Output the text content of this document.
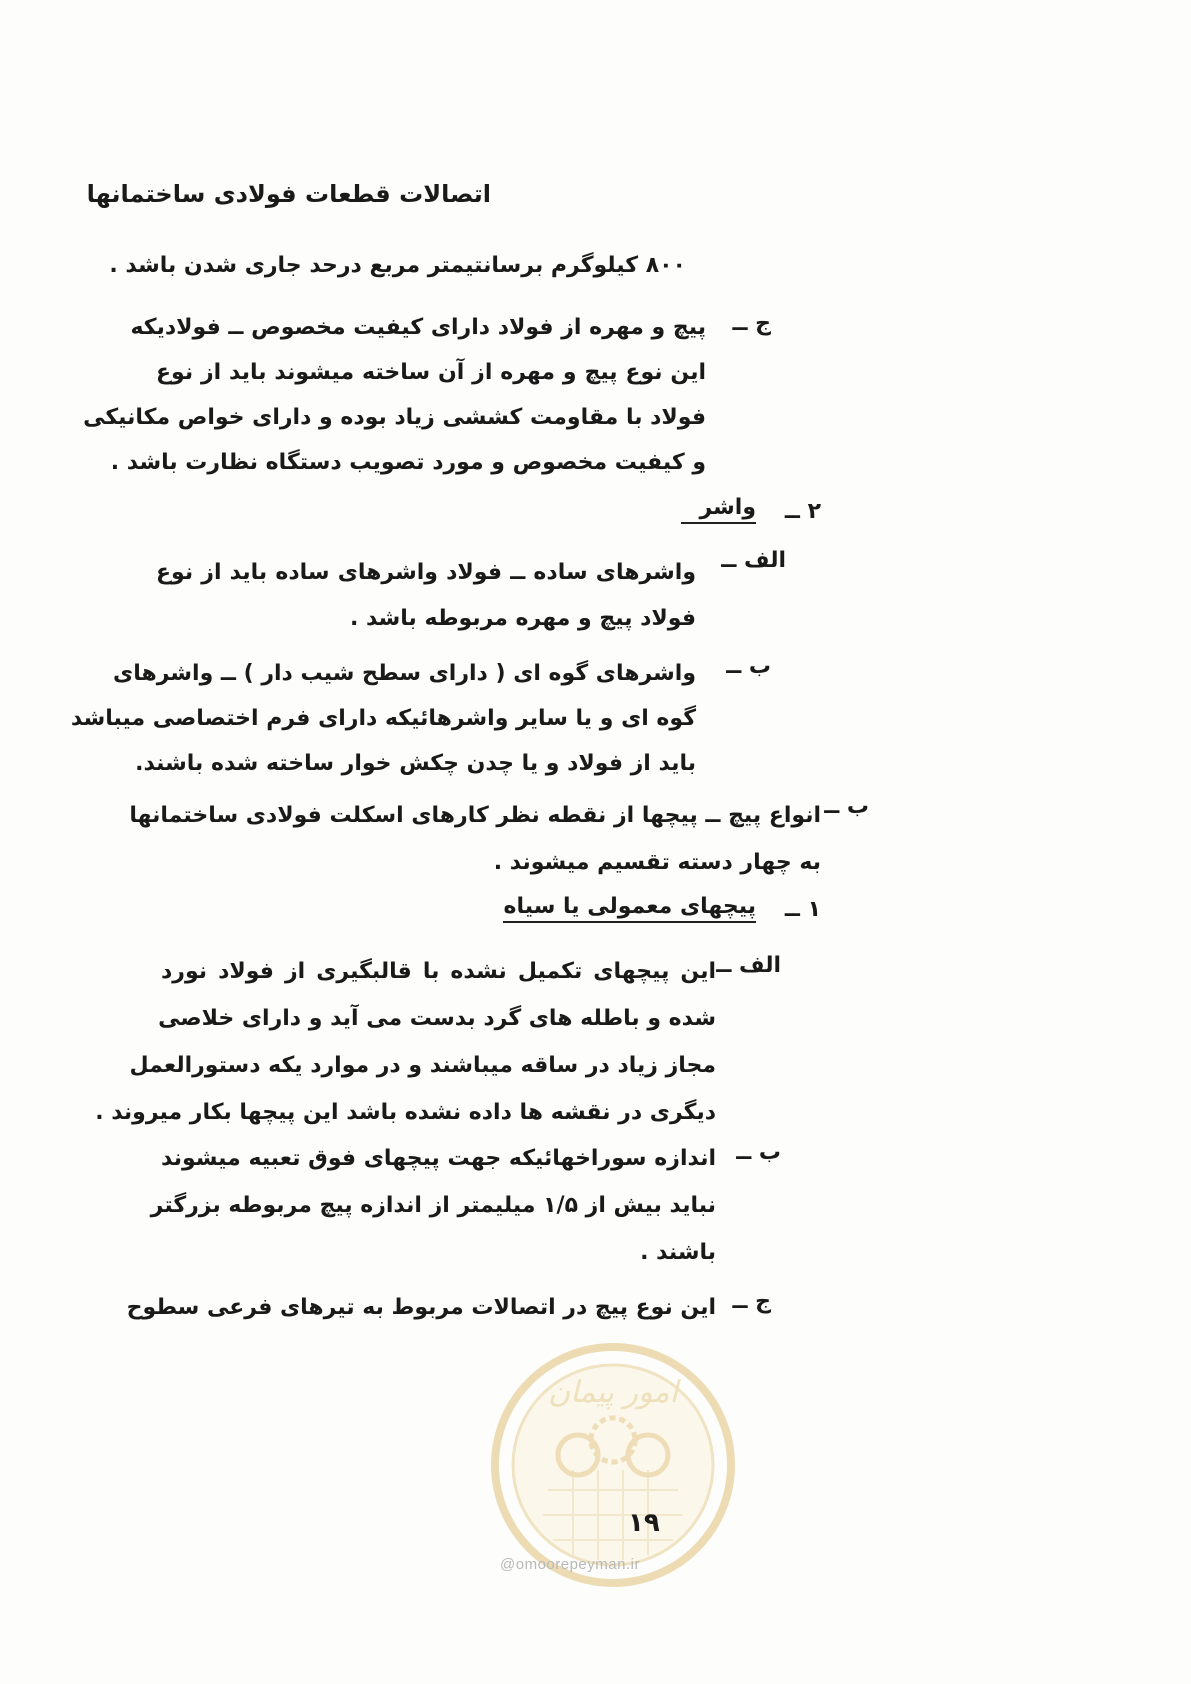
اتصالات قطعات فولادی ساختمانها
۸۰۰ کیلوگرم برسانتیمتر مربع درحد جاری شدن باشد .
ج ــ
پیچ و مهره از فولاد دارای کیفیت مخصوص ــ فولادیکه
این نوع پیچ و مهره از آن ساخته میشوند باید از نوع
فولاد با مقاومت کششی زیاد بوده و دارای خواص مکانیکی
و کیفیت مخصوص و مورد تصویب دستگاه نظارت باشد .
۲ ــ
واشر
الف ــ
واشرهای ساده ــ فولاد واشرهای ساده باید از نوع
فولاد پیچ و مهره مربوطه باشد .
ب ــ
واشرهای گوه ای ( دارای سطح شیب دار ) ــ واشرهای
گوه ای و یا سایر واشرهائیکه دارای فرم اختصاصی میباشد
باید از فولاد و یا چدن چکش خوار ساخته شده باشند.
ب ــ
انواع پیچ ــ پیچها از نقطه نظر کارهای اسکلت فولادی ساختمانها
به چهار دسته تقسیم میشوند .
۱ ــ
پیچهای معمولی یا سیاه
الف ــ
این پیچهای تکمیل نشده با قالبگیری از فولاد نورد
شده و باطله های گرد بدست می آید و دارای خلاصی
مجاز زیاد در ساقه میباشند و در موارد یکه دستورالعمل
دیگری در نقشه ها داده نشده باشد این پیچها بکار میروند .
ب ــ
اندازه سوراخهائیکه جهت پیچهای فوق تعبیه میشوند
نباید بیش از ۱/۵ میلیمتر از اندازه پیچ مربوطه بزرگتر
باشند .
ج ــ
این نوع پیچ در اتصالات مربوط به تیرهای فرعی سطوح
امور پیمان
۱۹
@omoorepeyman.ir
